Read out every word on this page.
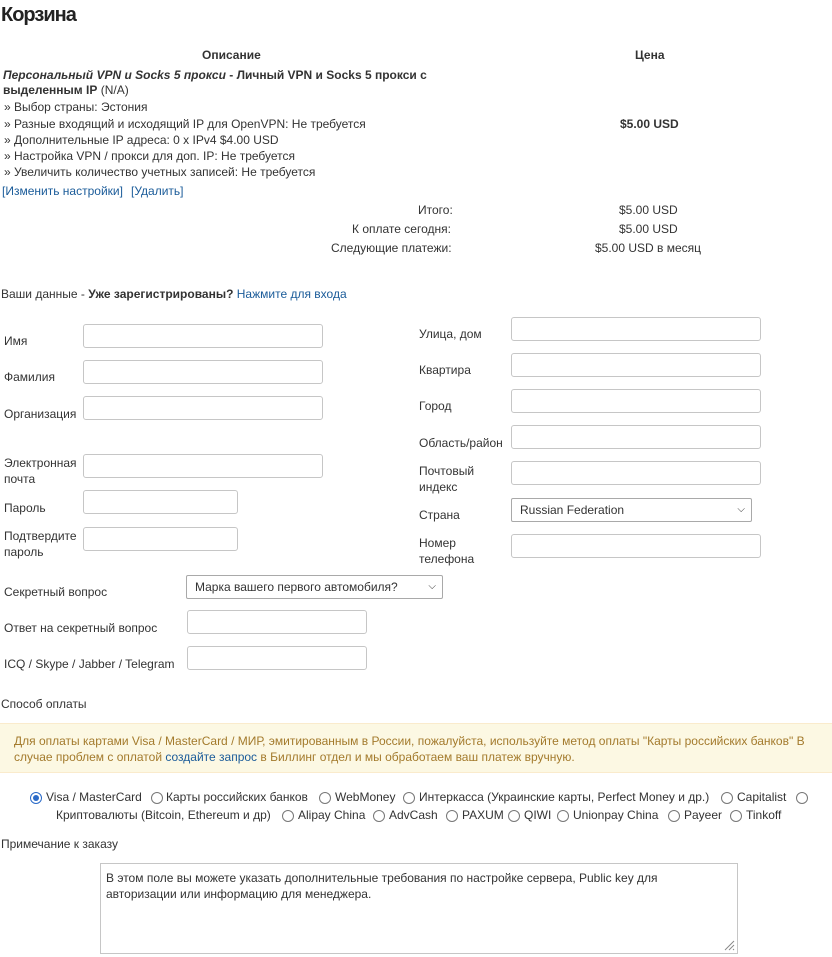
Корзина
Описание	Цена
Персональный VPN и Socks 5 прокси - Личный VPN и Socks 5 прокси с
выделенным IP (N/A)
» Выбор страны: Эстония
» Разные входящий и исходящий IP для OpenVPN: Не требуется
» Дополнительные IP адреса: 0 x IPv4 $4.00 USD
» Настройка VPN / прокси для доп. IP: Не требуется
» Увеличить количество учетных записей: Не требуется
$5.00 USD
[Изменить настройки] [Удалить]
Итого:	$5.00 USD
К оплате сегодня:	$5.00 USD
Следующие платежи:	$5.00 USD в месяц
Ваши данные - Уже зарегистрированы? Нажмите для входа
Имя
Фамилия
Организация
Электронная
почта
Пароль
Подтвердите
пароль
Улица, дом
Квартира
Город
Область/район
Почтовый
индекс
Страна	Russian Federation	⌵
Номер
телефона
Секретный вопрос	Марка вашего первого автомобиля?	⌵
Ответ на секретный вопрос
ICQ / Skype / Jabber / Telegram
Способ оплаты
Для оплаты картами Visa / MasterCard / МИР, эмитированным в России, пожалуйста, используйте метод оплаты "Карты российских банков" В случае проблем с оплатой создайте запрос в Биллинг отдел и мы обработаем ваш платеж вручную.
Visa / MasterCard Карты российских банков WebMoney Интеркасса (Украинские карты, Perfect Money и др.) Capitalist
Криптовалюты (Bitcoin, Ethereum и др) Alipay China AdvCash PAXUM QIWI Unionpay China Payeer Tinkoff
Примечание к заказу
В этом поле вы можете указать дополнительные требования по настройке сервера, Public key для авторизации или информацию для менеджера.
